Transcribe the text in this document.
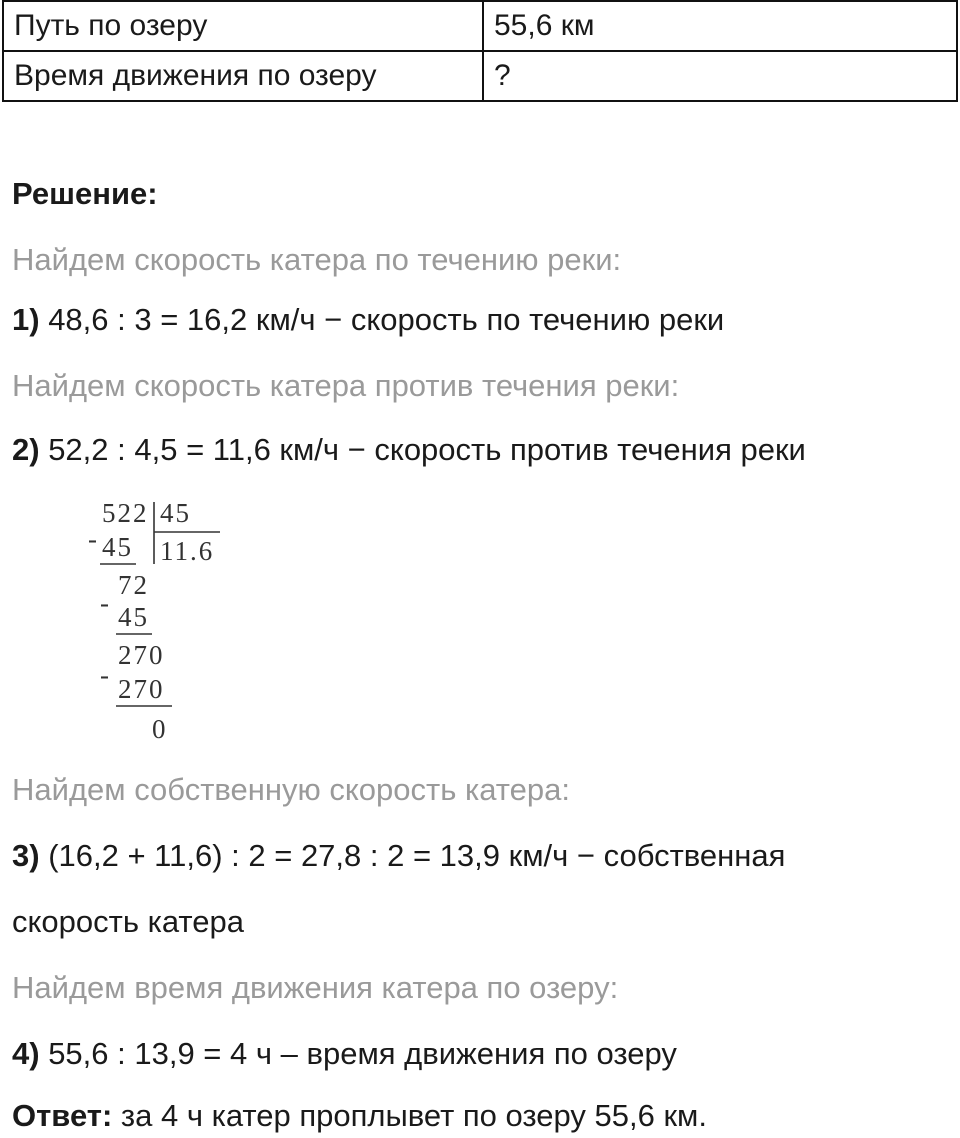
Путь по озеру	55,6 км
Время движения по озеру	?
Решение:
Найдем скорость катера по течению реки:
1) 48,6 : 3 = 16,2 км/ч − скорость по течению реки
Найдем скорость катера против течения реки:
2) 52,2 : 4,5 = 11,6 км/ч − скорость против течения реки
522 45
- 45 11.6
72
- 45
270
- 270
0
Найдем собственную скорость катера:
3) (16,2 + 11,6) : 2 = 27,8 : 2 = 13,9 км/ч − собственная
скорость катера
Найдем время движения катера по озеру:
4) 55,6 : 13,9 = 4 ч – время движения по озеру
Ответ: за 4 ч катер проплывет по озеру 55,6 км.
